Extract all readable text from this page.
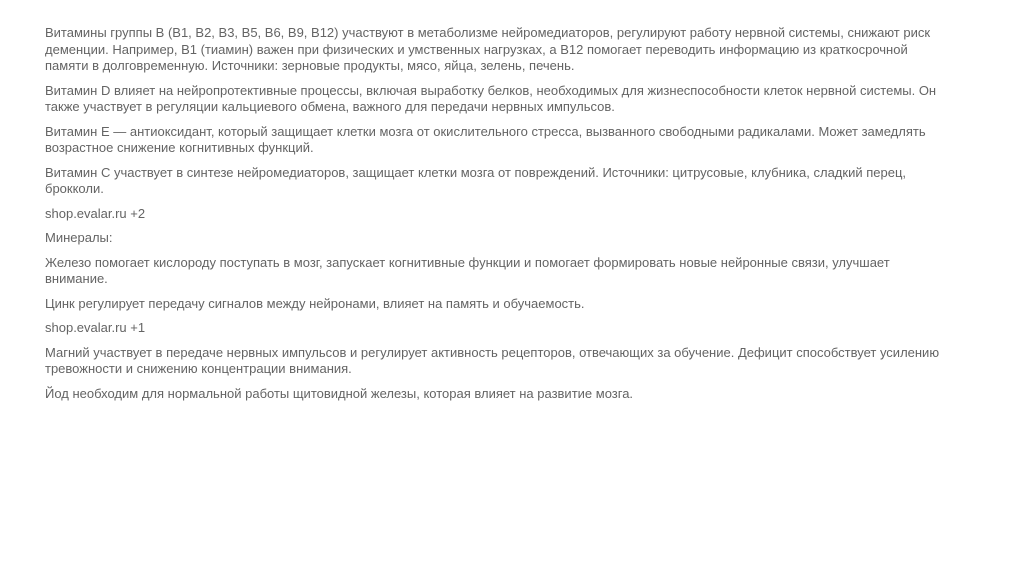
Витамины группы B (B1, B2, B3, B5, B6, B9, B12) участвуют в метаболизме нейромедиаторов, регулируют работу нервной системы, снижают риск деменции. Например, B1 (тиамин) важен при физических и умственных нагрузках, а B12 помогает переводить информацию из краткосрочной памяти в долговременную. Источники: зерновые продукты, мясо, яйца, зелень, печень.

Витамин D влияет на нейропротективные процессы, включая выработку белков, необходимых для жизнеспособности клеток нервной системы. Он также участвует в регуляции кальциевого обмена, важного для передачи нервных импульсов.

Витамин E — антиоксидант, который защищает клетки мозга от окислительного стресса, вызванного свободными радикалами. Может замедлять возрастное снижение когнитивных функций.

Витамин C участвует в синтезе нейромедиаторов, защищает клетки мозга от повреждений. Источники: цитрусовые, клубника, сладкий перец, брокколи.

shop.evalar.ru +2

Минералы:

Железо помогает кислороду поступать в мозг, запускает когнитивные функции и помогает формировать новые нейронные связи, улучшает внимание.

Цинк регулирует передачу сигналов между нейронами, влияет на память и обучаемость.

shop.evalar.ru +1

Магний участвует в передаче нервных импульсов и регулирует активность рецепторов, отвечающих за обучение. Дефицит способствует усилению тревожности и снижению концентрации внимания.

Йод необходим для нормальной работы щитовидной железы, которая влияет на развитие мозга.
